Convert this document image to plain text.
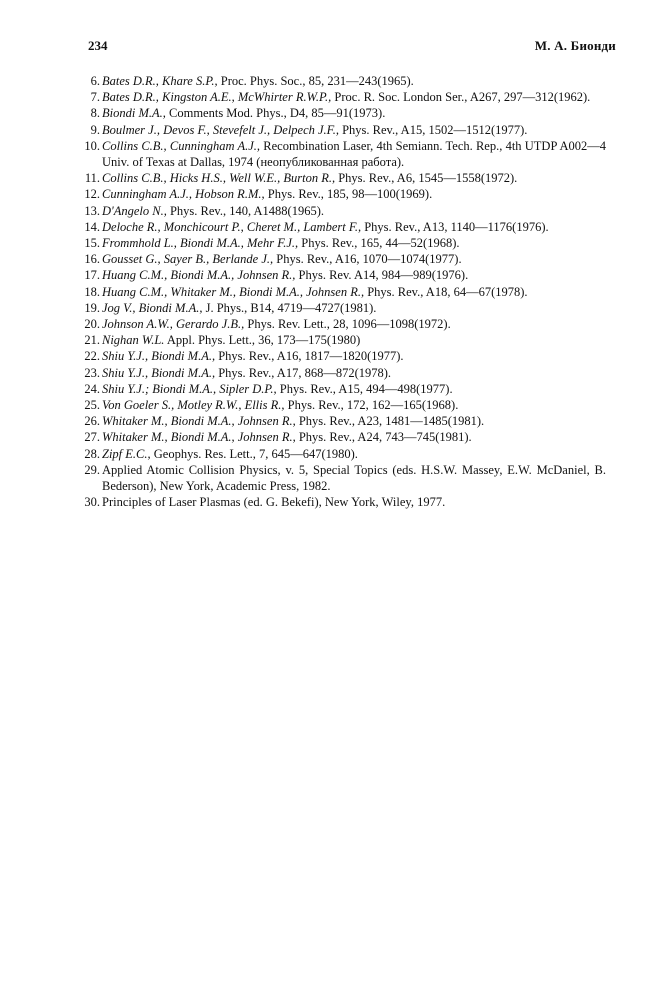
234	М. А. Бионди
6. Bates D.R., Khare S.P., Proc. Phys. Soc., 85, 231—243(1965).
7. Bates D.R., Kingston A.E., McWhirter R.W.P., Proc. R. Soc. London Ser., A267, 297—312(1962).
8. Biondi M.A., Comments Mod. Phys., D4, 85—91(1973).
9. Boulmer J., Devos F., Stevefelt J., Delpech J.F., Phys. Rev., A15, 1502—1512(1977).
10. Collins C.B., Cunningham A.J., Recombination Laser, 4th Semiann. Tech. Rep., 4th UTDP A002—4 Univ. of Texas at Dallas, 1974 (неопубликованная работа).
11. Collins C.B., Hicks H.S., Well W.E., Burton R., Phys. Rev., A6, 1545—1558(1972).
12. Cunningham A.J., Hobson R.M., Phys. Rev., 185, 98—100(1969).
13. D'Angelo N., Phys. Rev., 140, A1488(1965).
14. Deloche R., Monchicourt P., Cheret M., Lambert F., Phys. Rev., A13, 1140—1176(1976).
15. Frommhold L., Biondi M.A., Mehr F.J., Phys. Rev., 165, 44—52(1968).
16. Gousset G., Sayer B., Berlande J., Phys. Rev., A16, 1070—1074(1977).
17. Huang C.M., Biondi M.A., Johnsen R., Phys. Rev. A14, 984—989(1976).
18. Huang C.M., Whitaker M., Biondi M.A., Johnsen R., Phys. Rev., A18, 64—67(1978).
19. Jog V., Biondi M.A., J. Phys., B14, 4719—4727(1981).
20. Johnson A.W., Gerardo J.B., Phys. Rev. Lett., 28, 1096—1098(1972).
21. Nighan W.L. Appl. Phys. Lett., 36, 173—175(1980)
22. Shiu Y.J., Biondi M.A., Phys. Rev., A16, 1817—1820(1977).
23. Shiu Y.J., Biondi M.A., Phys. Rev., A17, 868—872(1978).
24. Shiu Y.J.; Biondi M.A., Sipler D.P., Phys. Rev., A15, 494—498(1977).
25. Von Goeler S., Motley R.W., Ellis R., Phys. Rev., 172, 162—165(1968).
26. Whitaker M., Biondi M.A., Johnsen R., Phys. Rev., A23, 1481—1485(1981).
27. Whitaker M., Biondi M.A., Johnsen R., Phys. Rev., A24, 743—745(1981).
28. Zipf E.C., Geophys. Res. Lett., 7, 645—647(1980).
29. Applied Atomic Collision Physics, v. 5, Special Topics (eds. H.S.W. Massey, E.W. McDaniel, B. Bederson), New York, Academic Press, 1982.
30. Principles of Laser Plasmas (ed. G. Bekefi), New York, Wiley, 1977.
